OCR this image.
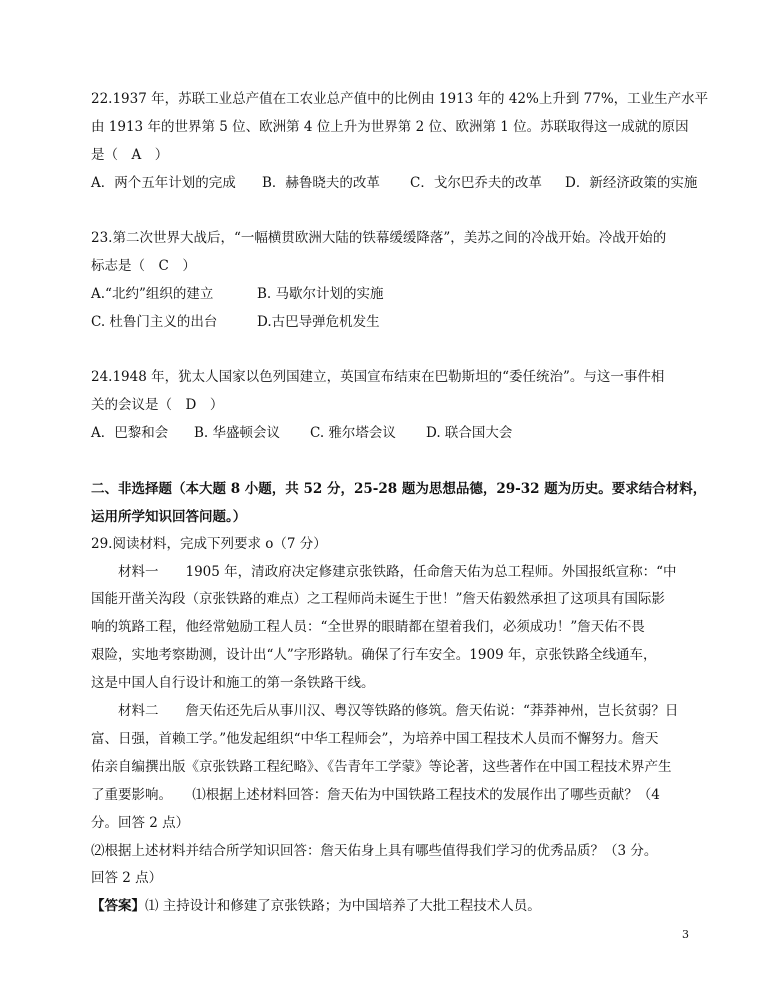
22.1937 年，苏联工业总产值在工农业总产值中的比例由 1913 年的 42%上升到 77%，工业生产水平
由 1913 年的世界第 5 位、欧洲第 4 位上升为世界第 2 位、欧洲第 1 位。苏联取得这一成就的原因
是（　A　）
A．两个五年计划的完成 B．赫鲁晓夫的改革 C．戈尔巴乔夫的改革 D．新经济政策的实施
23.第二次世界大战后，“一幅横贯欧洲大陆的铁幕缓缓降落”，美苏之间的冷战开始。冷战开始的
标志是（　C　）
A.“北约”组织的建立	B. 马歇尔计划的实施
C. 杜鲁门主义的出台	D.古巴导弹危机发生
24.1948 年，犹太人国家以色列国建立，英国宣布结束在巴勒斯坦的“委任统治”。与这一事件相
关的会议是（　D　）
A．巴黎和会 B. 华盛顿会议 C. 雅尔塔会议 D. 联合国大会
二、非选择题（本大题 8 小题，共 52 分，25-28 题为思想品德，29-32 题为历史。要求结合材料，
运用所学知识回答问题。）
29.阅读材料，完成下列要求 o（7 分）
材料一　　1905 年，清政府决定修建京张铁路，任命詹天佑为总工程师。外国报纸宣称：“中
国能开凿关沟段（京张铁路的难点）之工程师尚未诞生于世！”詹天佑毅然承担了这项具有国际影
响的筑路工程，他经常勉励工程人员：“全世界的眼睛都在望着我们，必须成功！”詹天佑不畏
艰险，实地考察勘测，设计出“人”字形路轨。确保了行车安全。1909 年，京张铁路全线通车，
这是中国人自行设计和施工的第一条铁路干线。
材料二　　詹天佑还先后从事川汉、粤汉等铁路的修筑。詹天佑说：“莽莽神州，岂长贫弱？日
富、日强，首赖工学。”他发起组织“中华工程师会”，为培养中国工程技术人员而不懈努力。詹天
佑亲自编撰出版《京张铁路工程纪略》、《告青年工学蒙》等论著，这些著作在中国工程技术界产生
了重要影响。　　⑴根据上述材料回答：詹天佑为中国铁路工程技术的发展作出了哪些贡献？（4
分。回答 2 点）
⑵根据上述材料并结合所学知识回答：詹天佑身上具有哪些值得我们学习的优秀品质？（3 分。
回答 2 点）
【答案】⑴ 主持设计和修建了京张铁路；为中国培养了大批工程技术人员。
3
